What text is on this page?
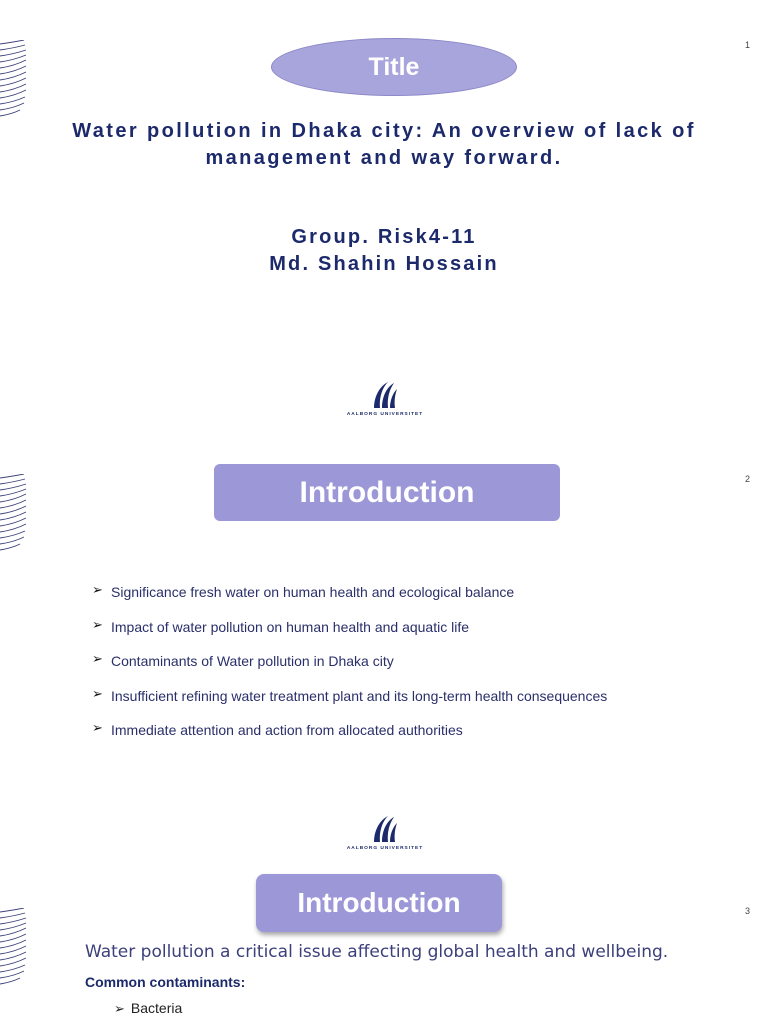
1
Title
Water pollution in Dhaka city: An overview of lack of management and way forward.
Group. Risk4-11
Md. Shahin Hossain
AALBORG UNIVERSITET
2
Introduction
➢ Significance fresh water on human health and ecological balance
➢ Impact of water pollution on human health and aquatic life
➢ Contaminants of Water pollution in Dhaka city
➢ Insufficient refining water treatment plant and its long-term health consequences
➢ Immediate attention and action from allocated authorities
AALBORG UNIVERSITET
3
Introduction
Water pollution a critical issue affecting global health and wellbeing.
Common contaminants:
➢ Bacteria
